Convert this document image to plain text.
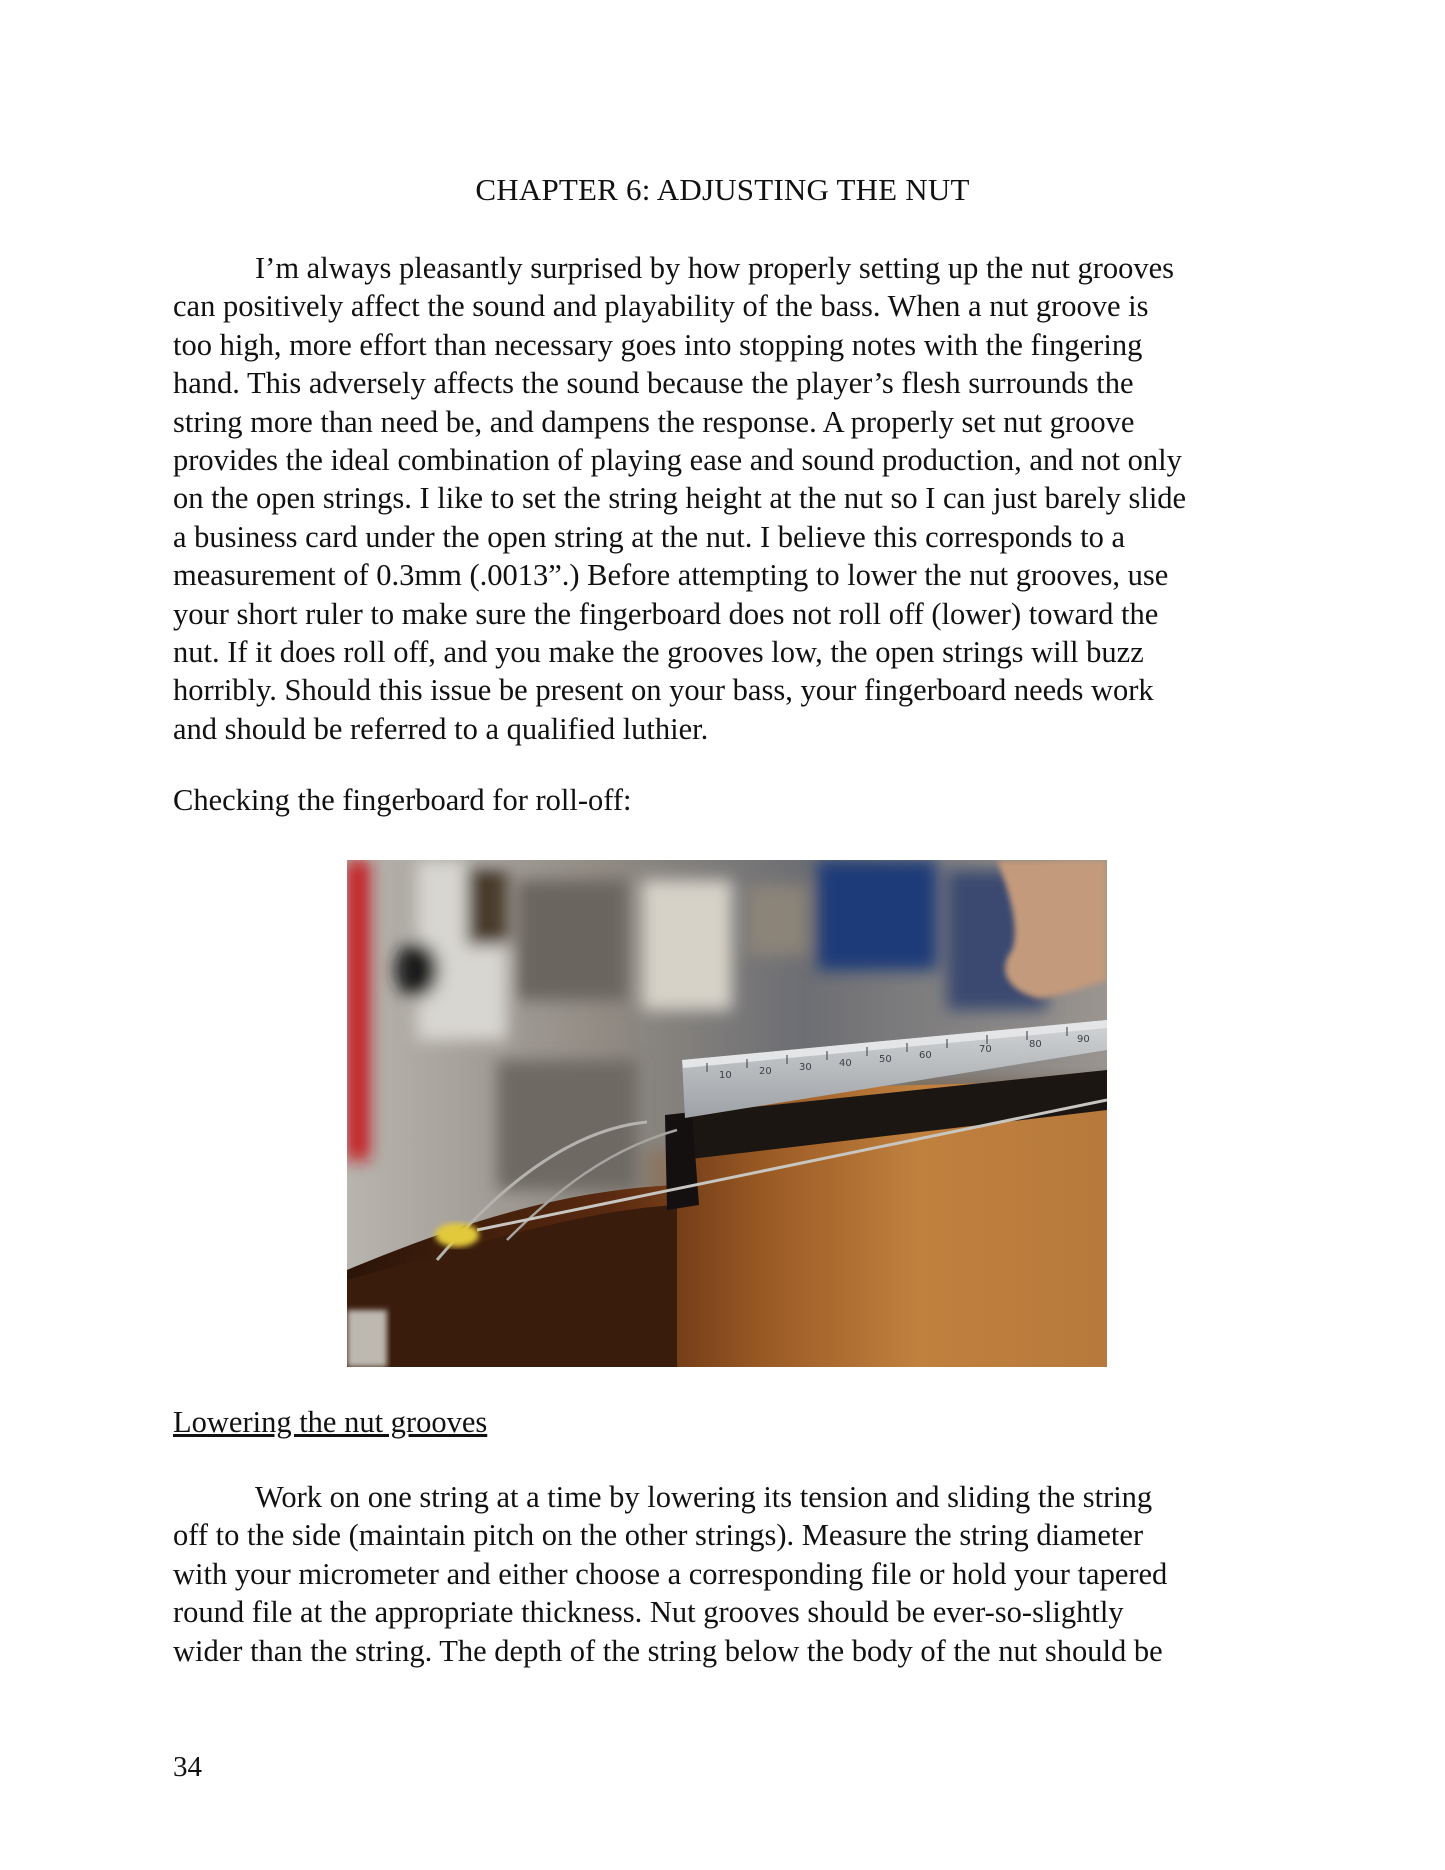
CHAPTER 6: ADJUSTING THE NUT
I’m always pleasantly surprised by how properly setting up the nut grooves
can positively affect the sound and playability of the bass. When a nut groove is
too high, more effort than necessary goes into stopping notes with the fingering
hand. This adversely affects the sound because the player’s flesh surrounds the
string more than need be, and dampens the response. A properly set nut groove
provides the ideal combination of playing ease and sound production, and not only
on the open strings. I like to set the string height at the nut so I can just barely slide
a business card under the open string at the nut. I believe this corresponds to a
measurement of 0.3mm (.0013”.) Before attempting to lower the nut grooves, use
your short ruler to make sure the fingerboard does not roll off (lower) toward the
nut. If it does roll off, and you make the grooves low, the open strings will buzz
horribly. Should this issue be present on your bass, your fingerboard needs work
and should be referred to a qualified luthier.
Checking the fingerboard for roll-off:
10	20	30	40	50	60
70	80	90
Lowering the nut grooves
Work on one string at a time by lowering its tension and sliding the string
off to the side (maintain pitch on the other strings). Measure the string diameter
with your micrometer and either choose a corresponding file or hold your tapered
round file at the appropriate thickness. Nut grooves should be ever-so-slightly
wider than the string. The depth of the string below the body of the nut should be
34
